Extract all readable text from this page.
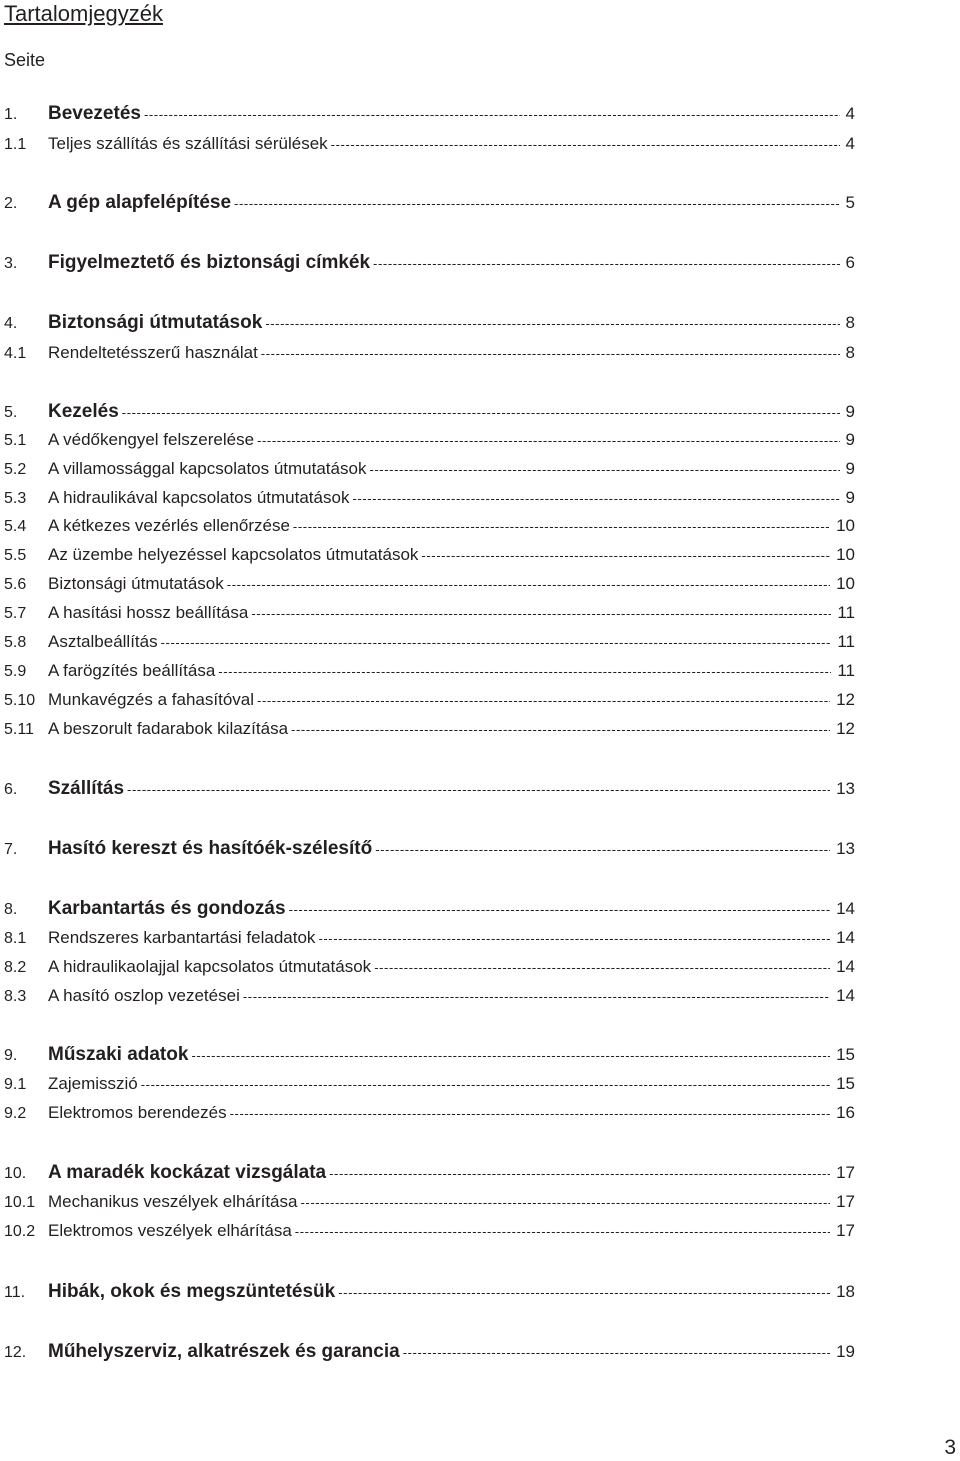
Tartalomjegyzék
Seite
1.	Bevezetés -----	4
1.1	Teljes szállítás és szállítási sérülések -----	4
2.	A gép alapfelépítése -----	5
3.	Figyelmeztető és biztonsági címkék -----	6
4.	Biztonsági útmutatások -----	8
4.1	Rendeltetésszerű használat -----	8
5.	Kezelés -----	9
5.1	A védőkengyel felszerelése -----	9
5.2	A villamossággal kapcsolatos útmutatások -----	9
5.3	A hidraulikával kapcsolatos útmutatások -----	9
5.4	A kétkezes vezérlés ellenőrzése -----	10
5.5	Az üzembe helyezéssel kapcsolatos útmutatások -----	10
5.6	Biztonsági útmutatások -----	10
5.7	A hasítási hossz beállítása -----	11
5.8	Asztalbeállítás -----	11
5.9	A farögzítés beállítása -----	11
5.10 Munkavégzés a fahasítóval -----	12
5.11 A beszorult fadarabok kilazítása -----	12
6.	Szállítás -----	13
7.	Hasító kereszt és hasítóék-szélesítő -----	13
8.	Karbantartás és gondozás -----	14
8.1	Rendszeres karbantartási feladatok -----	14
8.2	A hidraulikaolajjal kapcsolatos útmutatások -----	14
8.3	A hasító oszlop vezetései -----	14
9.	Műszaki adatok -----	15
9.1	Zajemisszió -----	15
9.2	Elektromos berendezés -----	16
10.	A maradék kockázat vizsgálata -----	17
10.1 Mechanikus veszélyek elhárítása -----	17
10.2 Elektromos veszélyek elhárítása -----	17
11.	Hibák, okok és megszüntetésük -----	18
12.	Műhelyszerviz, alkatrészek és garancia -----	19
3
